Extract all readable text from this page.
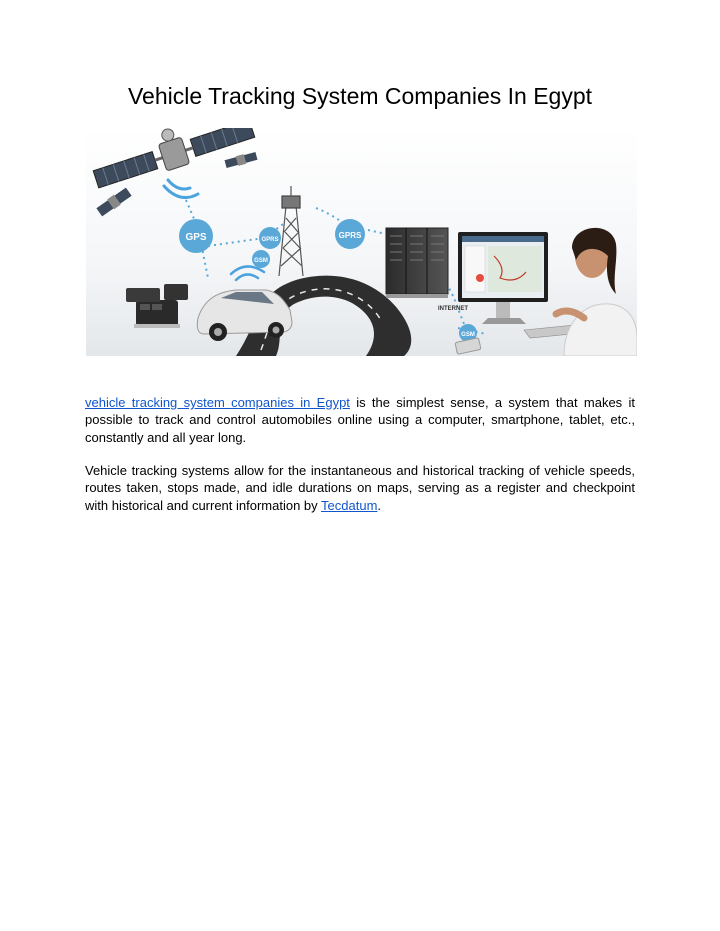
Vehicle Tracking System Companies In Egypt
GPS	GPRS
GSM
GPRS
GSM
INTERNET

vehicle tracking system companies in Egypt is the simplest sense, a system that makes it possible to track and control automobiles online using a computer, smartphone, tablet, etc., constantly and all year long.

Vehicle tracking systems allow for the instantaneous and historical tracking of vehicle speeds, routes taken, stops made, and idle durations on maps, serving as a register and checkpoint with historical and current information by Tecdatum.
